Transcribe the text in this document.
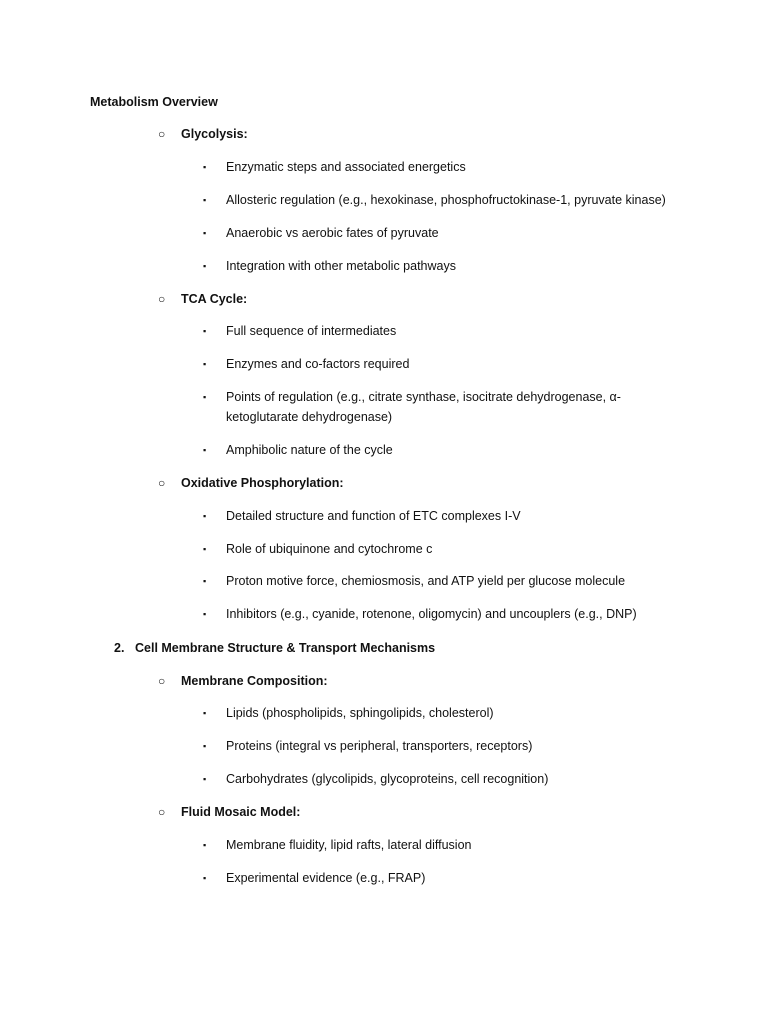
Metabolism Overview
○ Glycolysis:
▪ Enzymatic steps and associated energetics
▪ Allosteric regulation (e.g., hexokinase, phosphofructokinase-1, pyruvate kinase)
▪ Anaerobic vs aerobic fates of pyruvate
▪ Integration with other metabolic pathways
○ TCA Cycle:
▪ Full sequence of intermediates
▪ Enzymes and co-factors required
▪ Points of regulation (e.g., citrate synthase, isocitrate dehydrogenase, α-
ketoglutarate dehydrogenase)
▪ Amphibolic nature of the cycle
○ Oxidative Phosphorylation:
▪ Detailed structure and function of ETC complexes I-V
▪ Role of ubiquinone and cytochrome c
▪ Proton motive force, chemiosmosis, and ATP yield per glucose molecule
▪ Inhibitors (e.g., cyanide, rotenone, oligomycin) and uncouplers (e.g., DNP)
2. Cell Membrane Structure & Transport Mechanisms
○ Membrane Composition:
▪ Lipids (phospholipids, sphingolipids, cholesterol)
▪ Proteins (integral vs peripheral, transporters, receptors)
▪ Carbohydrates (glycolipids, glycoproteins, cell recognition)
○ Fluid Mosaic Model:
▪ Membrane fluidity, lipid rafts, lateral diffusion
▪ Experimental evidence (e.g., FRAP)
